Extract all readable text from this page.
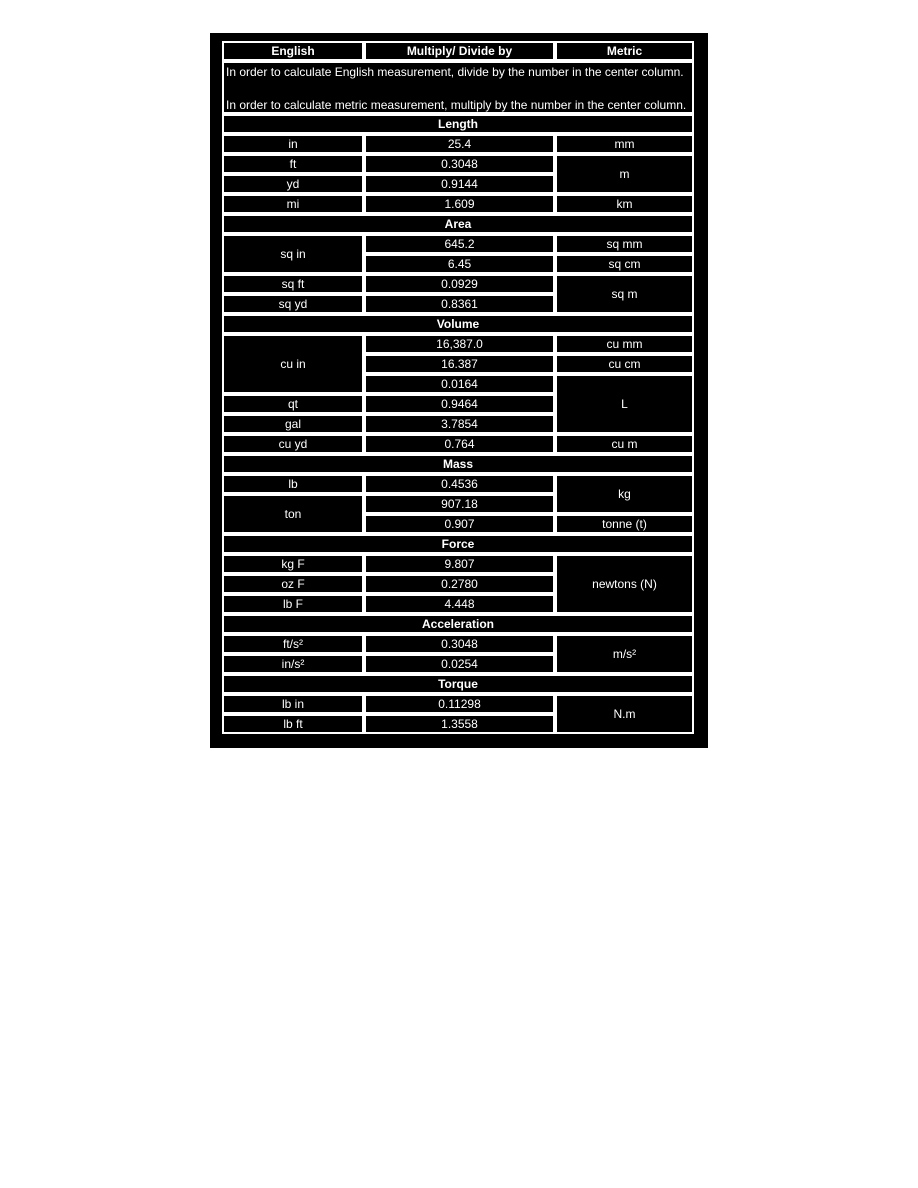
English	Multiply/ Divide by	Metric

In order to calculate English measurement, divide by the number in the center column.
In order to calculate metric measurement, multiply by the number in the center column.		

Length		
in	25.4	mm
ft	0.3048	m
yd	0.9144	
mi	1.609	km
Area		
sq in	645.2	sq mm
	6.45	sq cm
sq ft	0.0929	sq m
sq yd	0.8361	
Volume		
cu in	16,387.0	cu mm
	16.387	cu cm
	0.0164	L
qt	0.9464	
gal	3.7854	
cu yd	0.764	cu m
Mass		
lb	0.4536	kg
ton	907.18	
	0.907	tonne (t)
Force		
kg F	9.807	newtons (N)
oz F	0.2780	
lb F	4.448	
Acceleration		
ft/s²	0.3048	m/s²
in/s²	0.0254	
Torque		
lb in	0.11298	N.m
lb ft	1.3558	
